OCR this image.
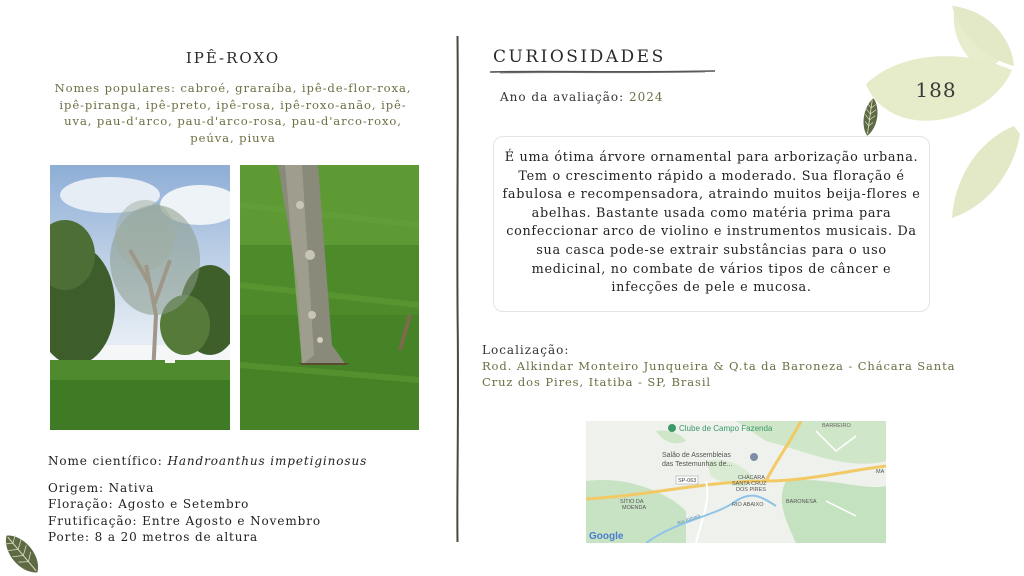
188
IPÊ-ROXO
Nomes populares: cabroé, graraíba, ipê-de-flor-roxa, ipê-piranga, ipê-preto, ipê-rosa, ipê-roxo-anão, ipê-uva, pau-d'arco, pau-d'arco-rosa, pau-d'arco-roxo, peúva, piuva
Nome científico: Handroanthus impetiginosus
Origem: Nativa
Floração: Agosto e Setembro
Frutificação: Entre Agosto e Novembro
Porte: 8 a 20 metros de altura
CURIOSIDADES
Ano da avaliação: 2024
É uma ótima árvore ornamental para arborização urbana. Tem o crescimento rápido a moderado. Sua floração é fabulosa e recompensadora, atraindo muitos beija-flores e abelhas. Bastante usada como matéria prima para confeccionar arco de violino e instrumentos musicais. Da sua casca pode-se extrair substâncias para o uso medicinal, no combate de vários tipos de câncer e infecções de pele e mucosa.
Localização:
Rod. Alkindar Monteiro Junqueira & Q.ta da Baroneza - Chácara Santa Cruz dos Pires, Itatiba - SP, Brasil
Clube de Campo Fazenda	BARREIRO
Salão de Assembleias
das Testemunhas de...
SP-063	CHÁCARA
SANTA CRUZ
DOS PIRES
SÍTIO DA
MOENDA	RIO ABAIXO	BARONESA
MA
Rio Atibaia
Google
